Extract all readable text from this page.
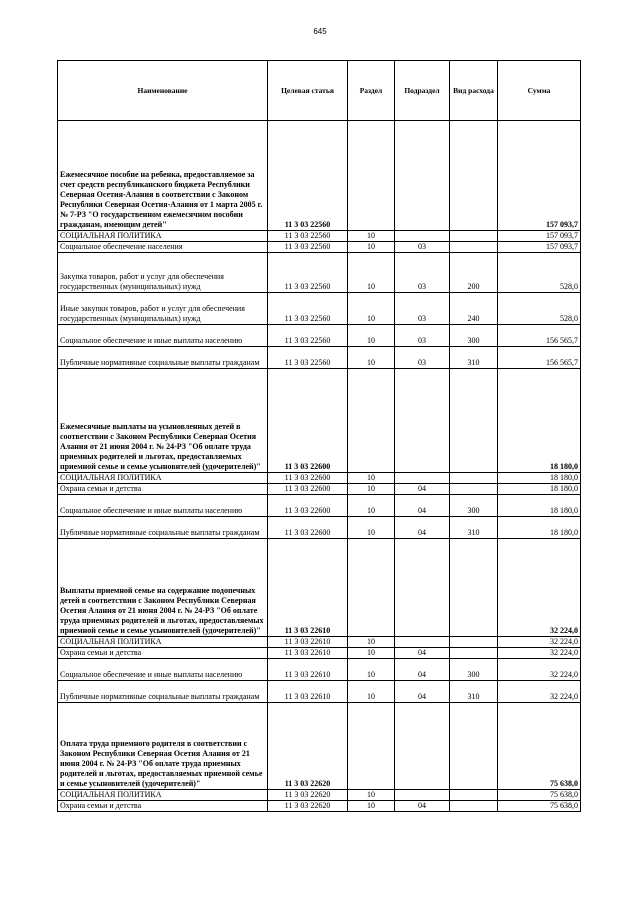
645
Наименование	Целевая статья	Раздел	Подраздел	Вид расхода	Сумма
Ежемесячное пособие на ребенка, предоставляемое за счет средств республиканского бюджета Республики Северная Осетия-Алания в соответствии с Законом Республики Северная Осетия-Алания от 1 марта 2005 г. № 7-РЗ "О государственном ежемесячном пособии гражданам, имеющим детей"	11 3 03 22560				157 093,7
СОЦИАЛЬНАЯ ПОЛИТИКА	11 3 03 22560	10			157 093,7
Социальное обеспечение населения	11 3 03 22560	10	03		157 093,7
Закупка товаров, работ и услуг для обеспечения государственных (муниципальных) нужд	11 3 03 22560	10	03	200	528,0
Иные закупки товаров, работ и услуг для обеспечения государственных (муниципальных) нужд	11 3 03 22560	10	03	240	528,0
Социальное обеспечение и иные выплаты населению	11 3 03 22560	10	03	300	156 565,7
Публичные нормативные социальные выплаты гражданам	11 3 03 22560	10	03	310	156 565,7
Ежемесячные выплаты на усыновленных детей в соответствии с Законом Республики Северная Осетия Алания от 21 июня 2004 г. № 24-РЗ "Об оплате труда приемных родителей и льготах, предоставляемых приемной семье и семье усыновителей (удочерителей)"	11 3 03 22600				18 180,0
СОЦИАЛЬНАЯ ПОЛИТИКА	11 3 03 22600	10			18 180,0
Охрана семьи и детства	11 3 03 22600	10	04		18 180,0
Социальное обеспечение и иные выплаты населению	11 3 03 22600	10	04	300	18 180,0
Публичные нормативные социальные выплаты гражданам	11 3 03 22600	10	04	310	18 180,0
Выплаты приемной семье на содержание подопечных детей в соответствии с Законом Республики Северная Осетия Алания от 21 июня 2004 г. № 24-РЗ "Об оплате труда приемных родителей и льготах, предоставляемых приемной семье и семье усыновителей (удочерителей)"	11 3 03 22610				32 224,0
СОЦИАЛЬНАЯ ПОЛИТИКА	11 3 03 22610	10			32 224,0
Охрана семьи и детства	11 3 03 22610	10	04		32 224,0
Социальное обеспечение и иные выплаты населению	11 3 03 22610	10	04	300	32 224,0
Публичные нормативные социальные выплаты гражданам	11 3 03 22610	10	04	310	32 224,0
Оплата труда приемного родителя в соответствии с Законом Республики Северная Осетия Алания от 21 июня 2004 г. № 24-РЗ "Об оплате труда приемных родителей и льготах, предоставляемых приемной семье и семье усыновителей (удочерителей)"	11 3 03 22620				75 638,0
СОЦИАЛЬНАЯ ПОЛИТИКА	11 3 03 22620	10			75 638,0
Охрана семьи и детства	11 3 03 22620	10	04		75 638,0
